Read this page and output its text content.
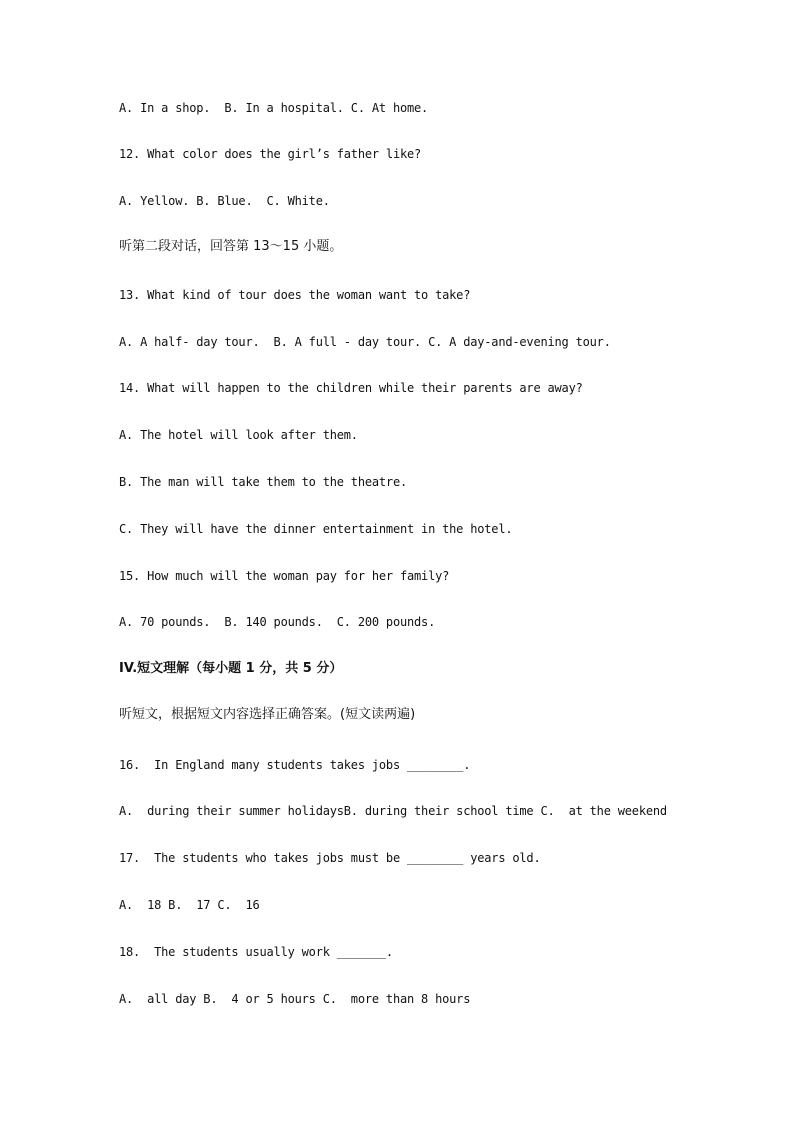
A. In a shop.  B. In a hospital. C. At home.
12. What color does the girl’s father like?
A. Yellow. B. Blue.  C. White.
听第二段对话，回答第 13～15 小题。
13. What kind of tour does the woman want to take?
A. A half- day tour.  B. A full - day tour. C. A day-and-evening tour.
14. What will happen to the children while their parents are away?
A. The hotel will look after them.
B. The man will take them to the theatre.
C. They will have the dinner entertainment in the hotel.
15. How much will the woman pay for her family?
A. 70 pounds.  B. 140 pounds.  C. 200 pounds.
IV.短文理解（每小题 1 分，共 5 分）
听短文，根据短文内容选择正确答案。(短文读两遍)
16.  In England many students takes jobs ________.
A.  during their summer holidaysB. during their school time C.  at the weekend
17.  The students who takes jobs must be ________ years old.
A.  18 B.  17 C.  16
18.  The students usually work _______.
A.  all day B.  4 or 5 hours C.  more than 8 hours
